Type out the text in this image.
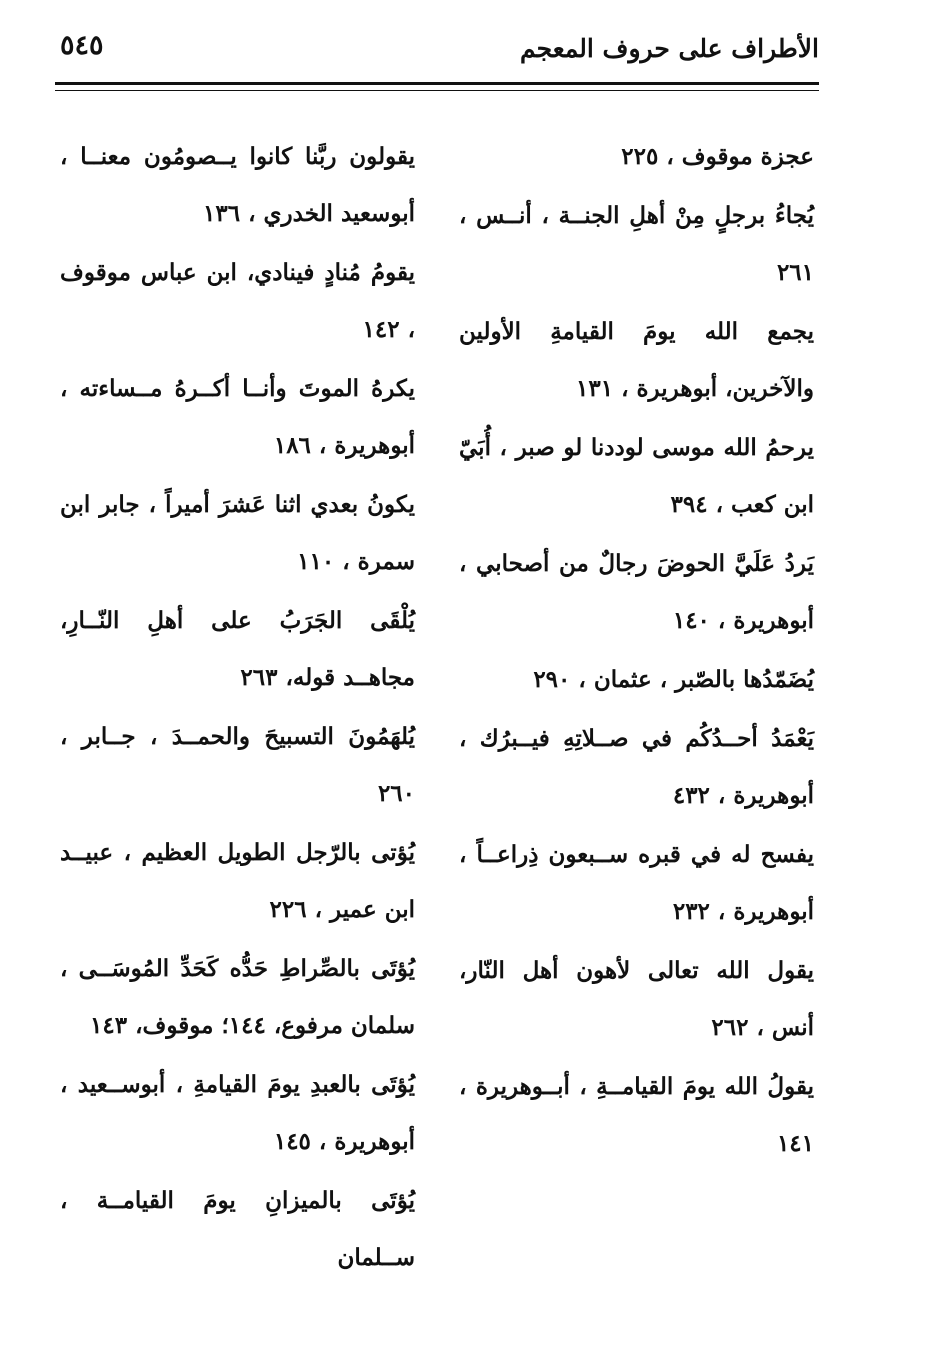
الأطراف على حروف المعجم
٥٤٥

عجزة موقوف ، ٢٢٥

يُجاءُ برجلٍ مِنْ أهلِ الجنــة ، أنــس ، ٢٦١

يجمع الله يومَ القيامةِ الأولين والآخرين، أبوهريرة ، ١٣١

يرحمُ الله موسى لوددنا لو صبر ، أُبَيّ ابن كعب ، ٣٩٤

يَردُ عَلَيَّ الحوضَ رجالٌ من أصحابي ، أبوهريرة ، ١٤٠

يُضَمّدُها بالصّبر ، عثمان ، ٢٩٠

يَعْمَدُ أحــدُكُم في صــلاتِهِ فيــبرُك ، أبوهريرة ، ٤٣٢

يفسح له في قبره ســبعون ذِراعــاً ، أبوهريرة ، ٢٣٢

يقول الله تعالى لأهون أهل النّار، أنس ، ٢٦٢

يقولُ الله يومَ القيامــةِ ، أبــوهريرة ، ١٤١

يقولون ربَّنا كانوا يــصومُون معنــا ، أبوسعيد الخدري ، ١٣٦

يقومُ مُنادٍ فينادي، ابن عباس موقوف ، ١٤٢

يكرهُ الموتَ وأنــا أكــرهُ مــساءته ، أبوهريرة ، ١٨٦

يكونُ بعدي اثنا عَشرَ أميراً ، جابر ابن سمرة ، ١١٠

يُلْقَى الجَرَبُ على أهلِ النّــارِ، مجاهــد قوله، ٢٦٣

يُلهَمُونَ التسبيحَ والحمــدَ ، جــابر ، ٢٦٠

يُؤتى بالرّجل الطويل العظيم ، عبيــد ابن عمير ، ٢٢٦

يُؤتَى بالصِّراطِ حَدُّه كَحَدِّ المُوسَــى ، سلمان مرفوع، ١٤٤؛ موقوف، ١٤٣

يُؤتَى بالعبدِ يومَ القيامةِ ، أبوســعيد ، أبوهريرة ، ١٤٥

يُؤتَى بالميزانِ يومَ القيامــة ، ســلمان
